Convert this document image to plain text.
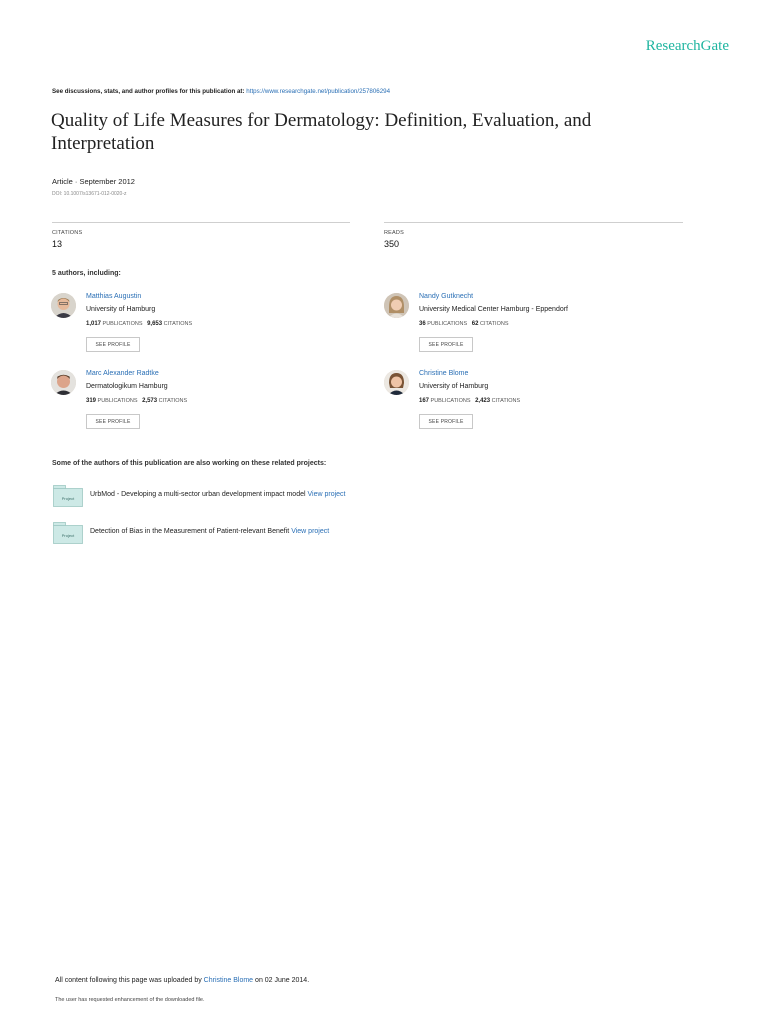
ResearchGate
See discussions, stats, and author profiles for this publication at: https://www.researchgate.net/publication/257806294
Quality of Life Measures for Dermatology: Definition, Evaluation, and Interpretation
Article · September 2012
DOI: 10.1007/s13671-012-0020-z
CITATIONS
13
READS
350
5 authors, including:
Matthias Augustin
University of Hamburg
1,017 PUBLICATIONS 9,653 CITATIONS
SEE PROFILE
Nandy Gutknecht
University Medical Center Hamburg - Eppendorf
36 PUBLICATIONS 62 CITATIONS
SEE PROFILE
Marc Alexander Radtke
Dermatologikum Hamburg
319 PUBLICATIONS 2,573 CITATIONS
SEE PROFILE
Christine Blome
University of Hamburg
167 PUBLICATIONS 2,423 CITATIONS
SEE PROFILE
Some of the authors of this publication are also working on these related projects:
Project
UrbMod - Developing a multi-sector urban development impact model View project
Project
Detection of Bias in the Measurement of Patient-relevant Benefit View project
All content following this page was uploaded by Christine Blome on 02 June 2014.
The user has requested enhancement of the downloaded file.
